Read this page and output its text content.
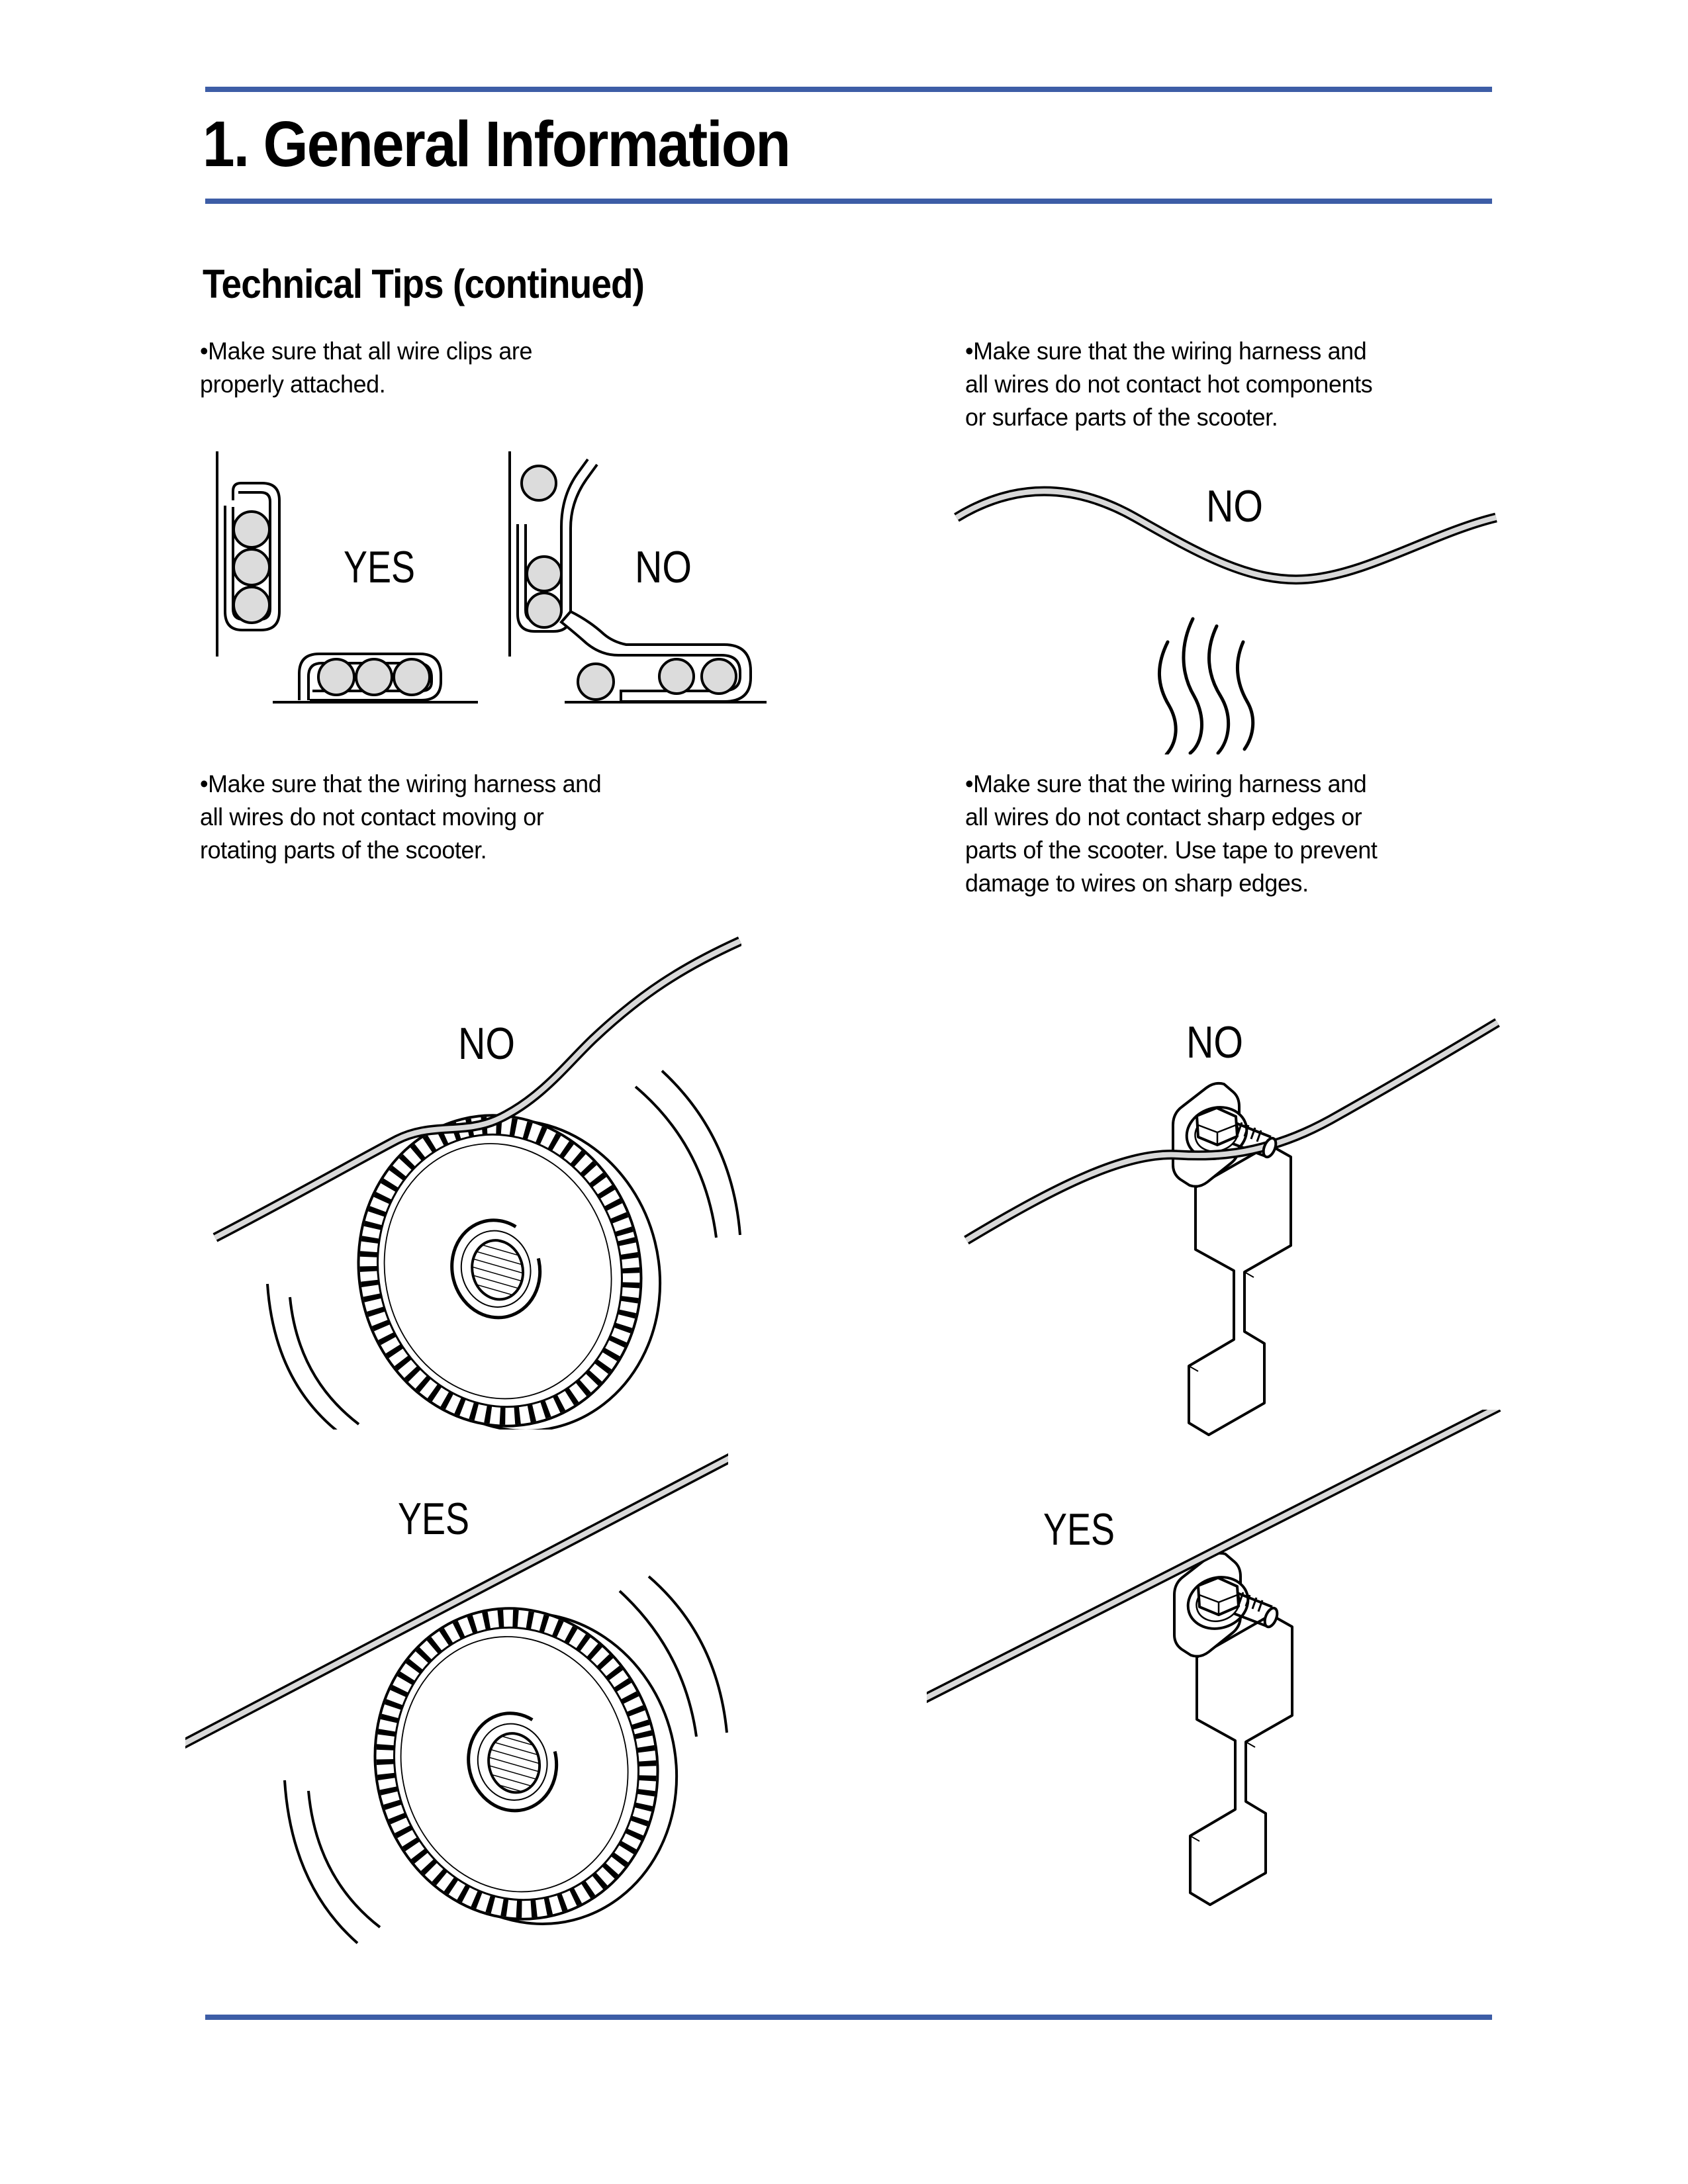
1. General Information
Technical Tips (continued)
•Make sure that all wire clips are
properly attached.
•Make sure that the wiring harness and
all wires do not contact hot components
or surface parts of the scooter.
•Make sure that the wiring harness and
all wires do not contact moving or
rotating parts of the scooter.
•Make sure that the wiring harness and
all wires do not contact sharp edges or
parts of the scooter. Use tape to prevent
damage to wires on sharp edges.
YES	NO
NO
NO	NO
YES	YES
